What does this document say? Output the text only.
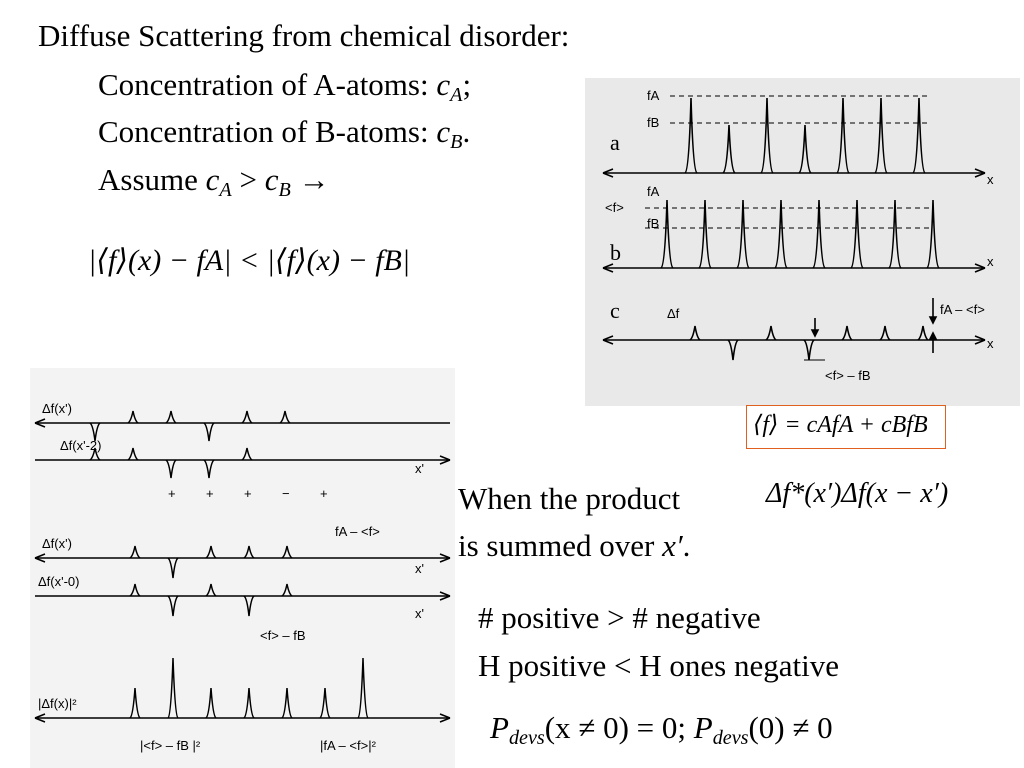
Diffuse Scattering from chemical disorder:
Concentration of A-atoms: $c_A$;
Concentration of B-atoms: $c_B$.
Assume $c_A > c_B$ →
|⟨f⟩(x) − fA| < |⟨f⟩(x) − fB|
fA
fB
<f>
fA
fB
Δf
x
x
x
fA – <f>
<f> – fB
a
b
c
⟨f⟩ = cAfA + cBfB
Δf(x')
Δf(x'-2)
Δf(x')
Δf(x'-0)
|Δf(x)|²
x'
x'
x'
+ + + − +
fA – <f>
<f> – fB
|<f> – fB |²	|fA – <f>|²
When the product	Δf*(x′)Δf(x − x′)
is summed over x′.
# positive > # negative
H positive < H ones negative
$P_{devs}(x \ne 0) = 0$; $P_{devs}(0) \ne 0$
